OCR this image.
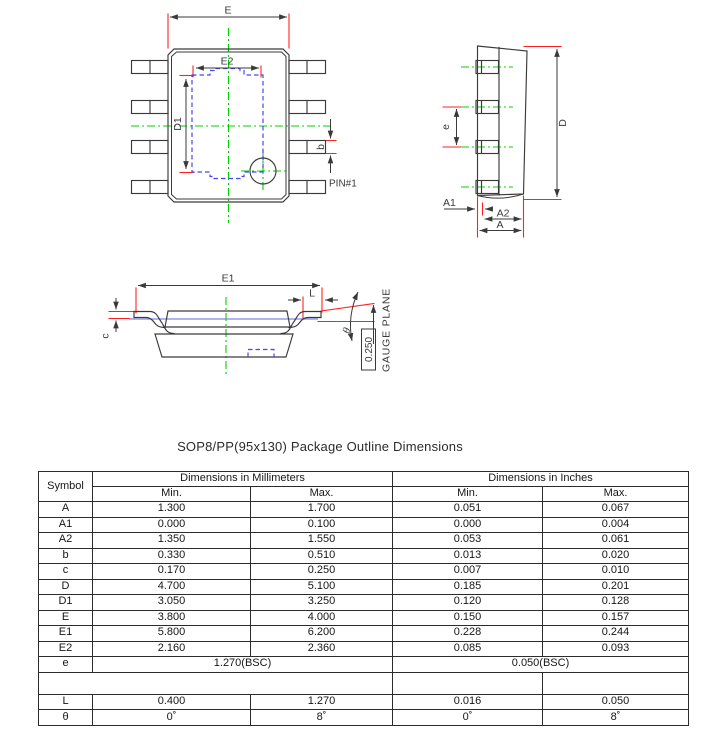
E
E2
D1
b
PIN#1
e
D
A1
A2
A
E1
L
c
θ
0.250 GAUGE PLANE
SOP8/PP(95x130) Package Outline Dimensions
Symbol	Dimensions in Millimeters		Dimensions in Inches	
	Min.	Max.	Min.	Max.
A	1.300	1.700	0.051	0.067
A1	0.000	0.100	0.000	0.004
A2	1.350	1.550	0.053	0.061
b	0.330	0.510	0.013	0.020
c	0.170	0.250	0.007	0.010
D	4.700	5.100	0.185	0.201
D1	3.050	3.250	0.120	0.128
E	3.800	4.000	0.150	0.157
E1	5.800	6.200	0.228	0.244
E2	2.160	2.360	0.085	0.093
e	1.270(BSC)		0.050(BSC)	

L	0.400	1.270	0.016	0.050
θ	0˚	8˚	0˚	8˚
